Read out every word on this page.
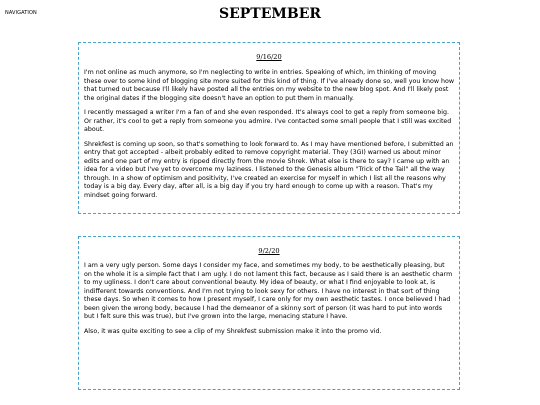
NAVIGATION	SEPTEMBER
9/16/20

I'm not online as much anymore, so I'm neglecting to write in entries. Speaking of which, im thinking of moving these over to some kind of blogging site more suited for this kind of thing. If I've already done so, well you know how that turned out because I'll likely have posted all the entries on my website to the new blog spot. And I'll likely post the original dates if the blogging site doesn't have an option to put them in manually.

I recently messaged a writer I'm a fan of and she even responded. It's always cool to get a reply from someone big. Or rather, it's cool to get a reply from someone you admire. I've contacted some small people that I still was excited about.

Shrekfest is coming up soon, so that's something to look forward to. As I may have mentioned before, I submitted an entry that got accepted - albeit probably edited to remove copyright material. They (3GI) warned us about minor edits and one part of my entry is ripped directly from the movie Shrek. What else is there to say? I came up with an idea for a video but I've yet to overcome my laziness. I listened to the Genesis album "Trick of the Tail" all the way through. In a show of optimism and positivity, I've created an exercise for myself in which I list all the reasons why today is a big day. Every day, after all, is a big day if you try hard enough to come up with a reason. That's my mindset going forward.

9/2/20

I am a very ugly person. Some days I consider my face, and sometimes my body, to be aesthetically pleasing, but on the whole it is a simple fact that I am ugly. I do not lament this fact, because as I said there is an aesthetic charm to my ugliness. I don't care about conventional beauty. My idea of beauty, or what I find enjoyable to look at, is indifferent towards conventions. And I'm not trying to look sexy for others. I have no interest in that sort of thing these days. So when it comes to how I present myself, I care only for my own aesthetic tastes. I once believed I had been given the wrong body, because I had the demeanor of a skinny sort of person (it was hard to put into words but I felt sure this was true), but I've grown into the large, menacing stature I have.

Also, it was quite exciting to see a clip of my Shrekfest submission make it into the promo vid.
